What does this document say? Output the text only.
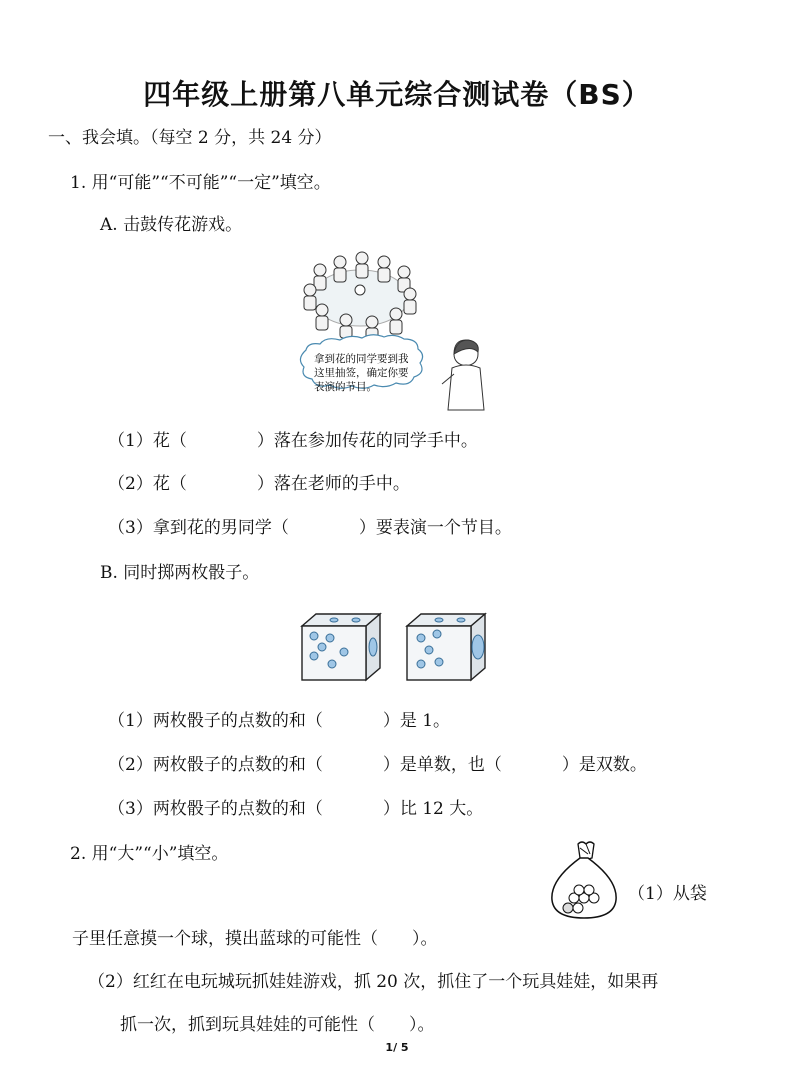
四年级上册第八单元综合测试卷（BS）
一、我会填。（每空 2 分，共 24 分）
1. 用“可能”“不可能”“一定”填空。
A. 击鼓传花游戏。
拿到花的同学要到我
这里抽签，确定你要
表演的节目。
（1）花（	）落在参加传花的同学手中。
（2）花（	）落在老师的手中。
（3）拿到花的男同学（	）要表演一个节目。
B. 同时掷两枚骰子。
（1）两枚骰子的点数的和（	）是 1。
（2）两枚骰子的点数的和（	）是单数，也（	）是双数。
（3）两枚骰子的点数的和（	）比 12 大。
2. 用“大”“小”填空。
（1）从袋
子里任意摸一个球，摸出蓝球的可能性（　　）。
（2）红红在电玩城玩抓娃娃游戏，抓 20 次，抓住了一个玩具娃娃，如果再
抓一次，抓到玩具娃娃的可能性（　　）。
1/ 5
